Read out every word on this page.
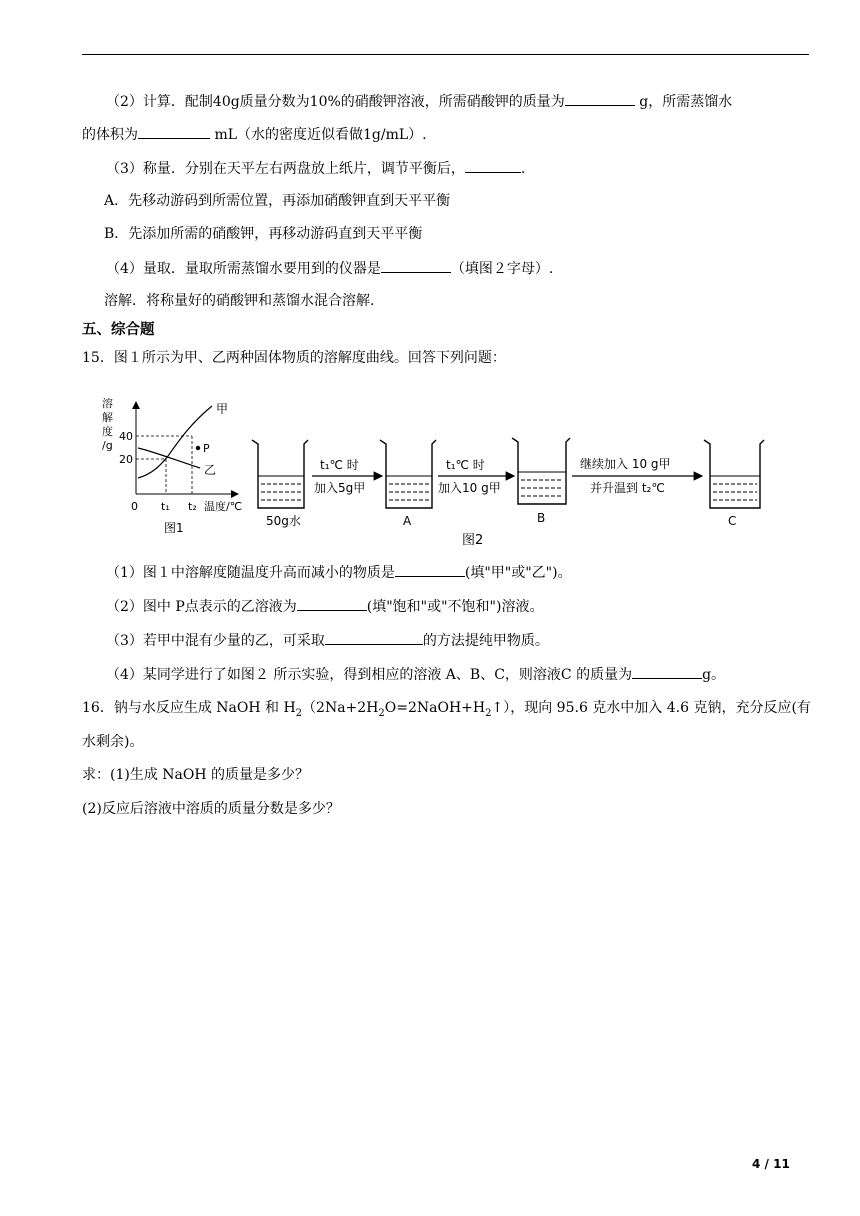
（2）计算．配制40g质量分数为10%的硝酸钾溶液，所需硝酸钾的质量为	g，所需蒸馏水
的体积为	mL（水的密度近似看做1g/mL）.
（3）称量．分别在天平左右两盘放上纸片，调节平衡后，	.
A．先移动游码到所需位置，再添加硝酸钾直到天平平衡
B．先添加所需的硝酸钾，再移动游码直到天平平衡
（4）量取．量取所需蒸馏水要用到的仪器是	（填图２字母）.
溶解．将称量好的硝酸钾和蒸馏水混合溶解.
五、综合题
15．图１所示为甲、乙两种固体物质的溶解度曲线。回答下列问题：
溶
解
度
/g
40
20
0 t₁ t₂ 温度/℃
甲
乙
P
图1	50g水
t₁℃ 时
加入5g甲
A
t₁℃ 时
加入10 g甲
B
继续加入 10 g甲
并升温到 t₂℃
C
图2
（1）图１中溶解度随温度升高而减小的物质是	(填"甲"或"乙")。
（2）图中 P点表示的乙溶液为	(填"饱和"或"不饱和")溶液。
（3）若甲中混有少量的乙，可采取	的方法提纯甲物质。
（4）某同学进行了如图２ 所示实验，得到相应的溶液 A、B、C，则溶液C 的质量为	g。
16．钠与水反应生成 NaOH 和 $H_2(2Na+2H_2O=2NaOH+H_2↑)$，现向 95.6 克水中加入 4.6 克钠，充分反应(有
水剩余)。
求：(1)生成 NaOH 的质量是多少？
(2)反应后溶液中溶质的质量分数是多少？
4 / 11
